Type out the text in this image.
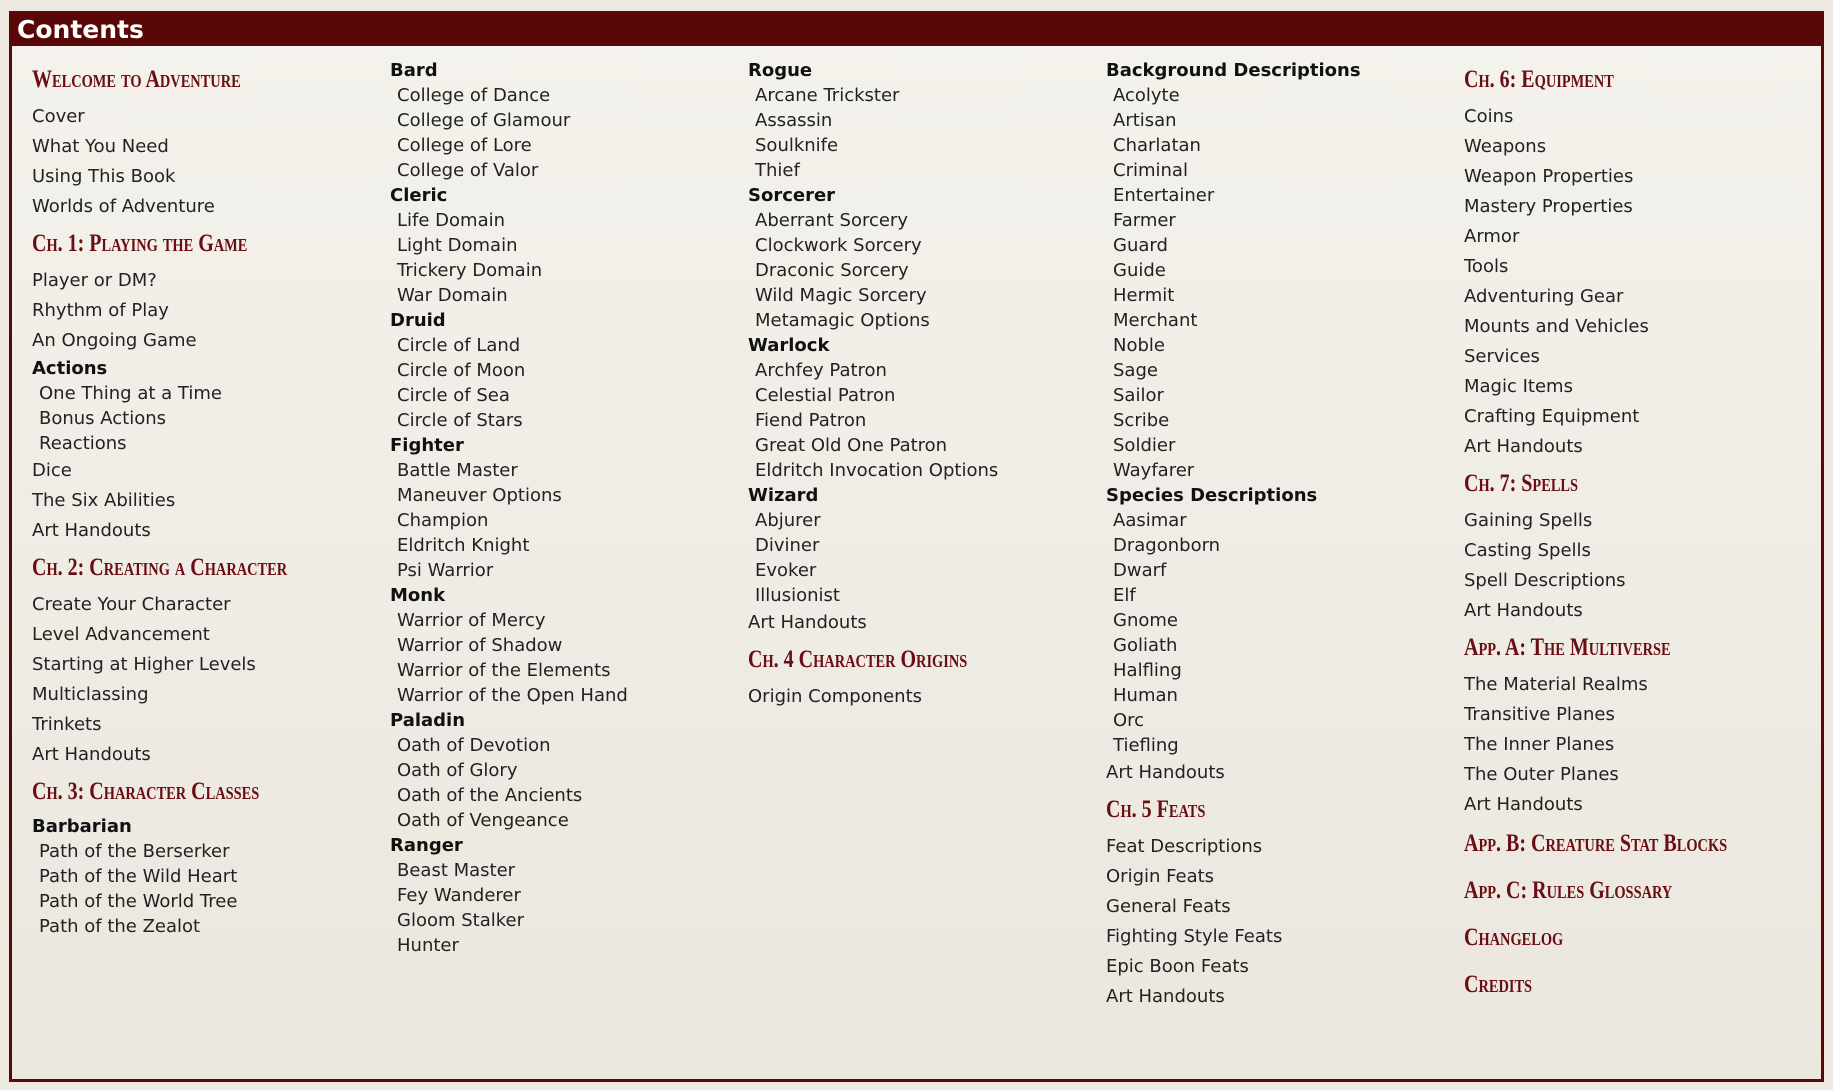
Contents
Welcome to Adventure
Cover
What You Need
Using This Book
Worlds of Adventure
Ch. 1: Playing the Game
Player or DM?
Rhythm of Play
An Ongoing Game
Actions
One Thing at a Time
Bonus Actions
Reactions
Dice
The Six Abilities
Art Handouts
Ch. 2: Creating a Character
Create Your Character
Level Advancement
Starting at Higher Levels
Multiclassing
Trinkets
Art Handouts
Ch. 3: Character Classes
Barbarian
Path of the Berserker
Path of the Wild Heart
Path of the World Tree
Path of the Zealot
Bard
College of Dance
College of Glamour
College of Lore
College of Valor
Cleric
Life Domain
Light Domain
Trickery Domain
War Domain
Druid
Circle of Land
Circle of Moon
Circle of Sea
Circle of Stars
Fighter
Battle Master
Maneuver Options
Champion
Eldritch Knight
Psi Warrior
Monk
Warrior of Mercy
Warrior of Shadow
Warrior of the Elements
Warrior of the Open Hand
Paladin
Oath of Devotion
Oath of Glory
Oath of the Ancients
Oath of Vengeance
Ranger
Beast Master
Fey Wanderer
Gloom Stalker
Hunter
Rogue
Arcane Trickster
Assassin
Soulknife
Thief
Sorcerer
Aberrant Sorcery
Clockwork Sorcery
Draconic Sorcery
Wild Magic Sorcery
Metamagic Options
Warlock
Archfey Patron
Celestial Patron
Fiend Patron
Great Old One Patron
Eldritch Invocation Options
Wizard
Abjurer
Diviner
Evoker
Illusionist
Art Handouts
Ch. 4 Character Origins
Origin Components
Background Descriptions
Acolyte
Artisan
Charlatan
Criminal
Entertainer
Farmer
Guard
Guide
Hermit
Merchant
Noble
Sage
Sailor
Scribe
Soldier
Wayfarer
Species Descriptions
Aasimar
Dragonborn
Dwarf
Elf
Gnome
Goliath
Halfling
Human
Orc
Tiefling
Art Handouts
Ch. 5 Feats
Feat Descriptions
Origin Feats
General Feats
Fighting Style Feats
Epic Boon Feats
Art Handouts
Ch. 6: Equipment
Coins
Weapons
Weapon Properties
Mastery Properties
Armor
Tools
Adventuring Gear
Mounts and Vehicles
Services
Magic Items
Crafting Equipment
Art Handouts
Ch. 7: Spells
Gaining Spells
Casting Spells
Spell Descriptions
Art Handouts
App. A: The Multiverse
The Material Realms
Transitive Planes
The Inner Planes
The Outer Planes
Art Handouts
App. B: Creature Stat Blocks
App. C: Rules Glossary
Changelog
Credits
